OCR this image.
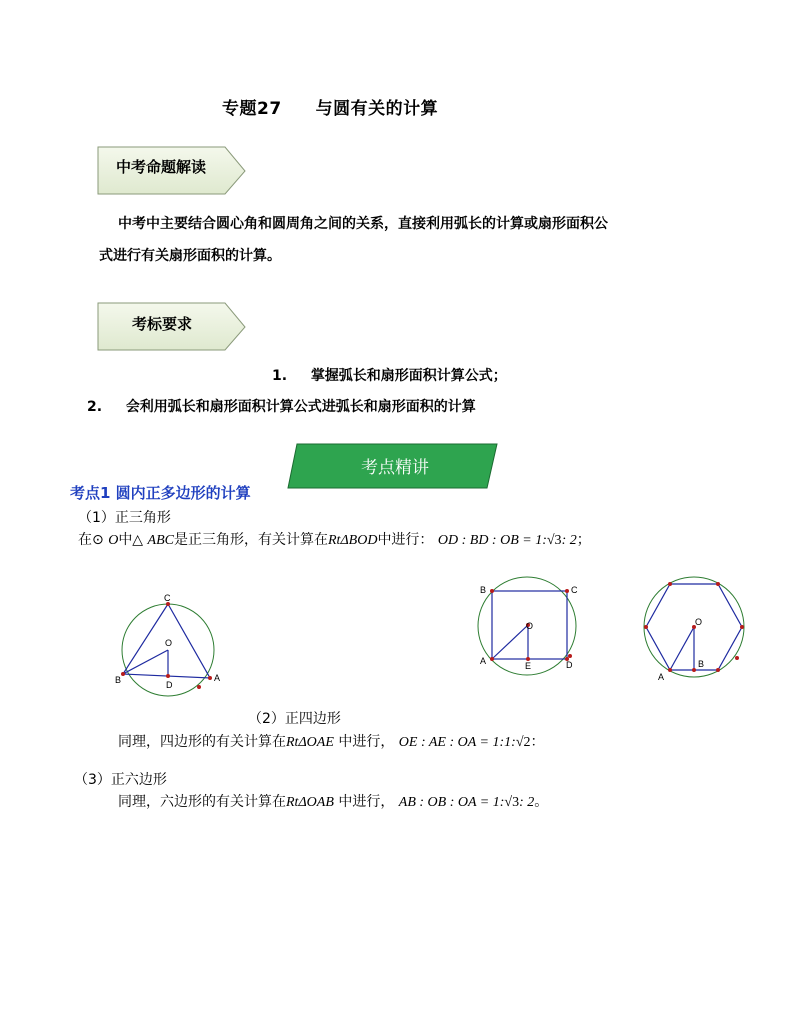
专题27 与圆有关的计算
中考命题解读
中考中主要结合圆心角和圆周角之间的关系，直接利用弧长的计算或扇形面积公
式进行有关扇形面积的计算。
考标要求
1. 掌握弧长和扇形面积计算公式；
2. 会利用弧长和扇形面积计算公式进弧长和扇形面积的计算
考点精讲
考点1 圆内正多边形的计算
（1）正三角形
在⊙ O中△ ABC是正三角形，有关计算在RtΔBOD中进行： OD : BD : OB = 1:√3: 2；
C
O
B	D
A
B	C
O
A	E	D
O
A
B
（2）正四边形
同理，四边形的有关计算在RtΔOAE 中进行， OE : AE : OA = 1:1:√2：
（3）正六边形
同理，六边形的有关计算在RtΔOAB 中进行， AB : OB : OA = 1:√3: 2。
